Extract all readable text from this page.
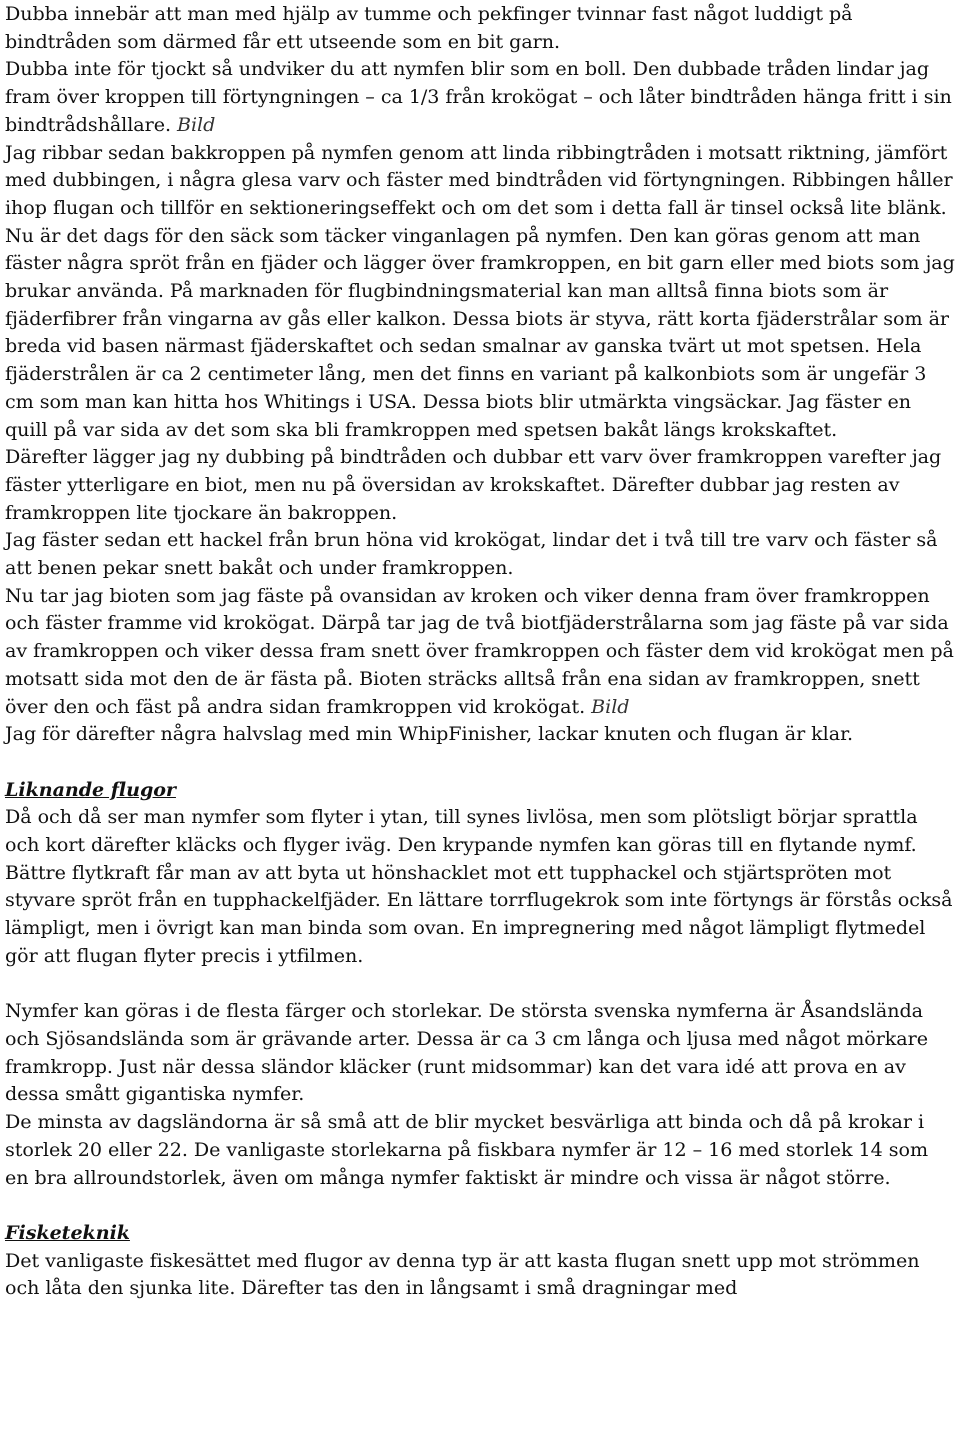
Dubba innebär att man med hjälp av tumme och pekfinger tvinnar fast något luddigt på bindtråden som därmed får ett utseende som en bit garn.

Dubba inte för tjockt så undviker du att nymfen blir som en boll. Den dubbade tråden lindar jag fram över kroppen till förtyngningen – ca 1/3 från krokögat – och låter bindtråden hänga fritt i sin bindtrådshållare. Bild

Jag ribbar sedan bakkroppen på nymfen genom att linda ribbingtråden i motsatt riktning, jämfört med dubbingen, i några glesa varv och fäster med bindtråden vid förtyngningen. Ribbingen håller ihop flugan och tillför en sektioneringseffekt och om det som i detta fall är tinsel också lite blänk.

Nu är det dags för den säck som täcker vinganlagen på nymfen. Den kan göras genom att man fäster några spröt från en fjäder och lägger över framkroppen, en bit garn eller med biots som jag brukar använda. På marknaden för flugbindningsmaterial kan man alltså finna biots som är fjäderfibrer från vingarna av gås eller kalkon. Dessa biots är styva, rätt korta fjäderstrålar som är breda vid basen närmast fjäderskaftet och sedan smalnar av ganska tvärt ut mot spetsen. Hela fjäderstrålen är ca 2 centimeter lång, men det finns en variant på kalkonbiots som är ungefär 3 cm som man kan hitta hos Whitings i USA. Dessa biots blir utmärkta vingsäckar. Jag fäster en quill på var sida av det som ska bli framkroppen med spetsen bakåt längs krokskaftet.

Därefter lägger jag ny dubbing på bindtråden och dubbar ett varv över framkroppen varefter jag fäster ytterligare en biot, men nu på översidan av krokskaftet. Därefter dubbar jag resten av framkroppen lite tjockare än bakroppen.

Jag fäster sedan ett hackel från brun höna vid krokögat, lindar det i två till tre varv och fäster så att benen pekar snett bakåt och under framkroppen.

Nu tar jag bioten som jag fäste på ovansidan av kroken och viker denna fram över framkroppen och fäster framme vid krokögat. Därpå tar jag de två biotfjäderstrålarna som jag fäste på var sida av framkroppen och viker dessa fram snett över framkroppen och fäster dem vid krokögat men på motsatt sida mot den de är fästa på. Bioten sträcks alltså från ena sidan av framkroppen, snett över den och fäst på andra sidan framkroppen vid krokögat. Bild

Jag för därefter några halvslag med min WhipFinisher, lackar knuten och flugan är klar.

Liknande flugor

Då och då ser man nymfer som flyter i ytan, till synes livlösa, men som plötsligt börjar sprattla och kort därefter kläcks och flyger iväg. Den krypande nymfen kan göras till en flytande nymf. Bättre flytkraft får man av att byta ut hönshacklet mot ett tupphackel och stjärtspröten mot styvare spröt från en tupphackelfjäder. En lättare torrflugekrok som inte förtyngs är förstås också lämpligt, men i övrigt kan man binda som ovan. En impregnering med något lämpligt flytmedel gör att flugan flyter precis i ytfilmen.

Nymfer kan göras i de flesta färger och storlekar. De största svenska nymferna är Åsandslända och Sjösandslända som är grävande arter. Dessa är ca 3 cm långa och ljusa med något mörkare framkropp. Just när dessa sländor kläcker (runt midsommar) kan det vara idé att prova en av dessa smått gigantiska nymfer.

De minsta av dagsländorna är så små att de blir mycket besvärliga att binda och då på krokar i storlek 20 eller 22. De vanligaste storlekarna på fiskbara nymfer är 12 – 16 med storlek 14 som en bra allroundstorlek, även om många nymfer faktiskt är mindre och vissa är något större.

Fisketeknik

Det vanligaste fiskesättet med flugor av denna typ är att kasta flugan snett upp mot strömmen och låta den sjunka lite. Därefter tas den in långsamt i små dragningar med
